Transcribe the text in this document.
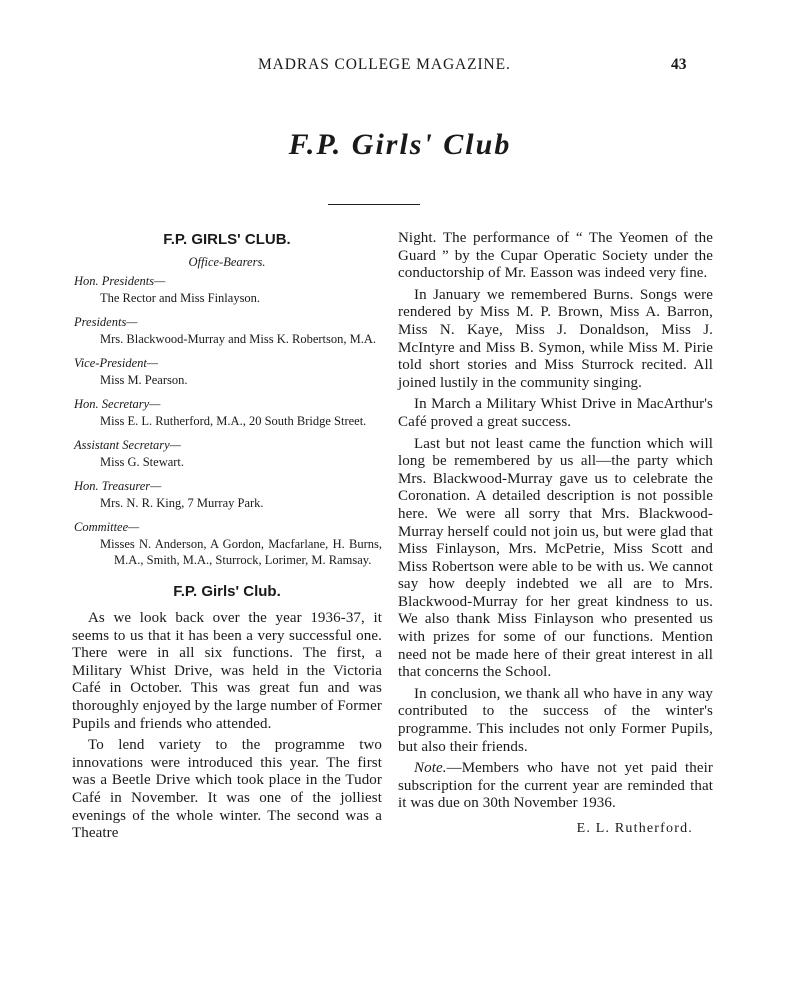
MADRAS COLLEGE MAGAZINE.	43
F.P. Girls' Club
F.P. GIRLS' CLUB.
Office-Bearers.
Hon. Presidents—
The Rector and Miss Finlayson.
Presidents—
Mrs. Blackwood-Murray and Miss K. Robertson, M.A.
Vice-President—
Miss M. Pearson.
Hon. Secretary—
Miss E. L. Rutherford, M.A., 20 South Bridge Street.
Assistant Secretary—
Miss G. Stewart.
Hon. Treasurer—
Mrs. N. R. King, 7 Murray Park.
Committee—
Misses N. Anderson, A Gordon, Macfarlane, H. Burns, M.A., Smith, M.A., Sturrock, Lorimer, M. Ramsay.
F.P. Girls' Club.

As we look back over the year 1936-37, it seems to us that it has been a very successful one. There were in all six functions. The first, a Military Whist Drive, was held in the Victoria Café in October. This was great fun and was thoroughly enjoyed by the large number of Former Pupils and friends who attended.

To lend variety to the programme two innovations were introduced this year. The first was a Beetle Drive which took place in the Tudor Café in November. It was one of the jolliest evenings of the whole winter. The second was a Theatre

Night. The performance of “ The Yeomen of the Guard ” by the Cupar Operatic Society under the conductorship of Mr. Easson was indeed very fine.

In January we remembered Burns. Songs were rendered by Miss M. P. Brown, Miss A. Barron, Miss N. Kaye, Miss J. Donaldson, Miss J. McIntyre and Miss B. Symon, while Miss M. Pirie told short stories and Miss Sturrock recited. All joined lustily in the community singing.

In March a Military Whist Drive in MacArthur's Café proved a great success.

Last but not least came the function which will long be remembered by us all—the party which Mrs. Blackwood-Murray gave us to celebrate the Coronation. A detailed description is not possible here. We were all sorry that Mrs. Blackwood-Murray herself could not join us, but were glad that Miss Finlayson, Mrs. McPetrie, Miss Scott and Miss Robertson were able to be with us. We cannot say how deeply indebted we all are to Mrs. Blackwood-Murray for her great kindness to us. We also thank Miss Finlayson who presented us with prizes for some of our functions. Mention need not be made here of their great interest in all that concerns the School.

In conclusion, we thank all who have in any way contributed to the success of the winter's programme. This includes not only Former Pupils, but also their friends.

Note.—Members who have not yet paid their subscription for the current year are reminded that it was due on 30th November 1936.

E. L. Rutherford.
